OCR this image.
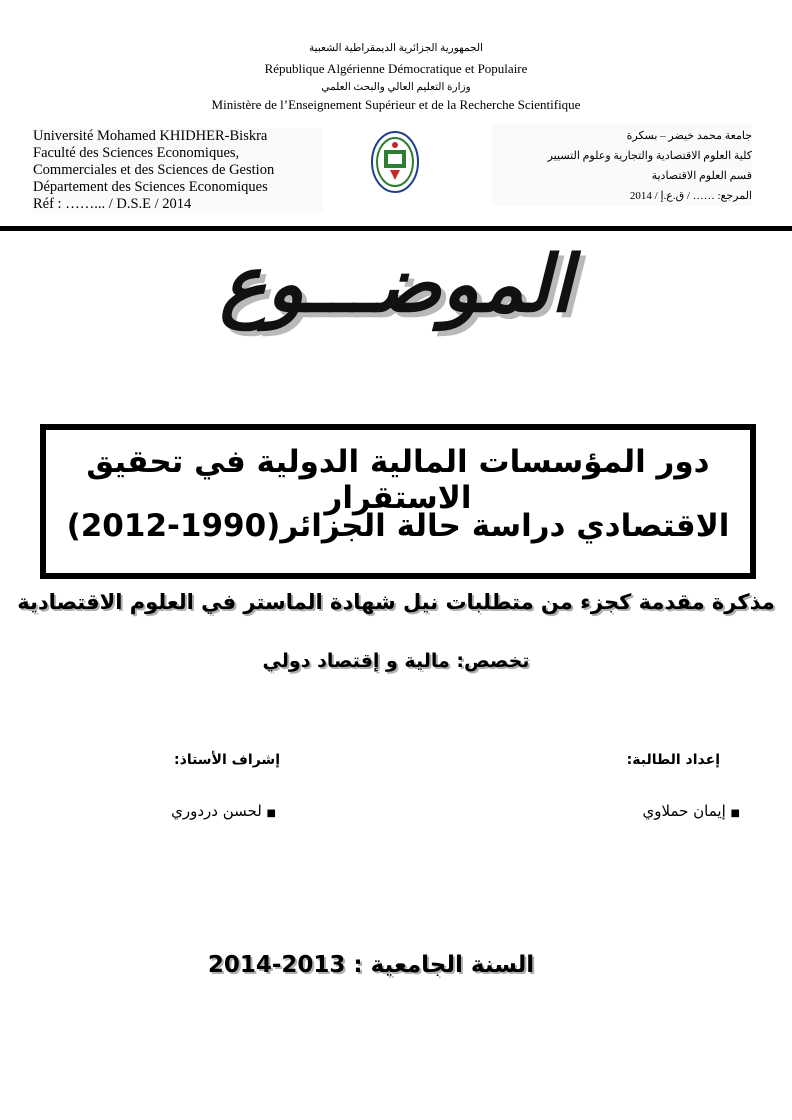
الجمهورية الجزائرية الديمقراطية الشعبية
République Algérienne Démocratique et Populaire
وزارة التعليم العالي والبحث العلمي
Ministère de l’Enseignement Supérieur et de la Recherche Scientifique
Université Mohamed KHIDHER-Biskra
Faculté des Sciences Economiques,
Commerciales et des Sciences de Gestion
Département des Sciences Economiques
Réf : ……... / D.S.E / 2014
جامعة محمد خيضر – بسكرة
كلية العلوم الاقتصادية والتجارية وعلوم التسيير
قسم العلوم الاقتصادية
المرجع: …… / ق.ع.إ / 2014
الموضـــوع
دور المؤسسات المالية الدولية في تحقيق الاستقرار
الاقتصادي دراسة حالة الجزائر(1990-2012)
مذكرة مقدمة كجزء من متطلبات نيل شهادة الماستر في العلوم الاقتصادية
تخصص: مالية و إقتصاد دولي
إعداد الطالبة:
إشراف الأستاذ:
■ إيمان حملاوي
■ لحسن دردوري
السنة الجامعية : 2013-2014
